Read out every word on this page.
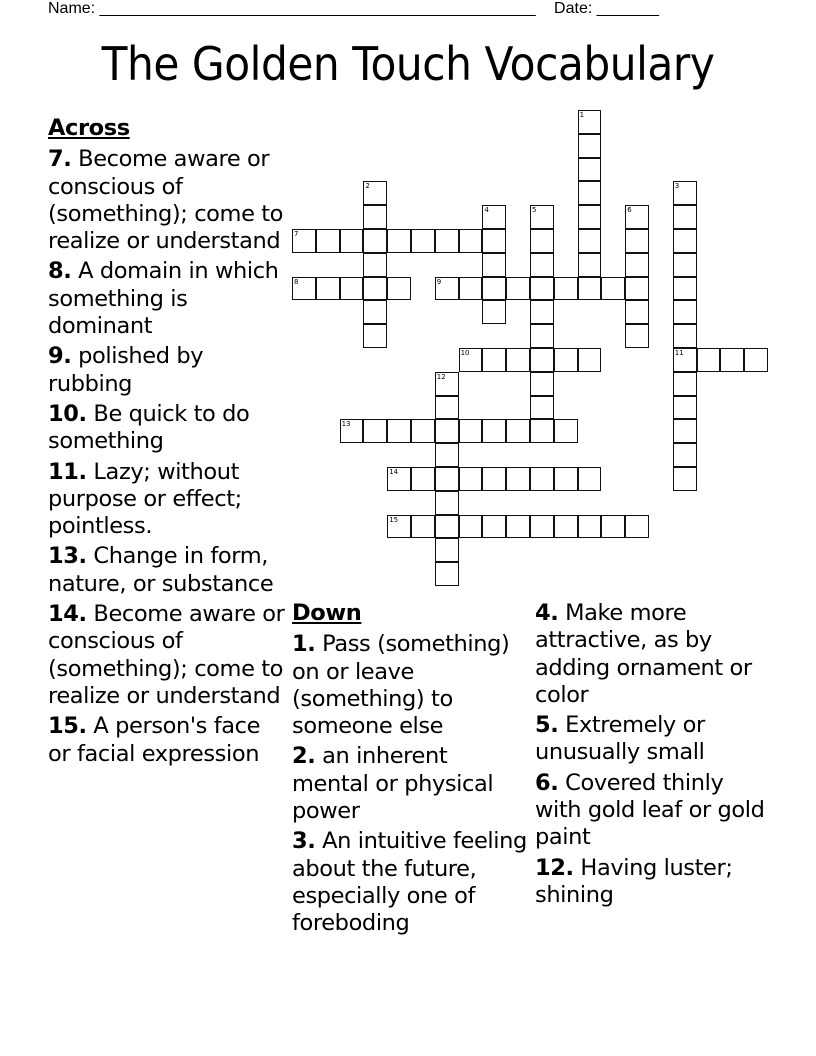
Name: _________________________________________________ Date: _______
The Golden Touch Vocabulary
Across
7. Become aware or conscious of (something); come to realize or understand
8. A domain in which something is dominant
9. polished by rubbing
10. Be quick to do something
11. Lazy; without purpose or effect; pointless.
13. Change in form, nature, or substance
14. Become aware or conscious of (something); come to realize or understand
15. A person's face or facial expression
Down
1. Pass (something) on or leave (something) to someone else
2. an inherent mental or physical power
3. An intuitive feeling about the future, especially one of foreboding
4. Make more attractive, as by adding ornament or color
5. Extremely or unusually small
6. Covered thinly with gold leaf or gold paint
12. Having luster; shining
1
2	3
11
4	5	6
7
8	9
10
12
13
14
15
